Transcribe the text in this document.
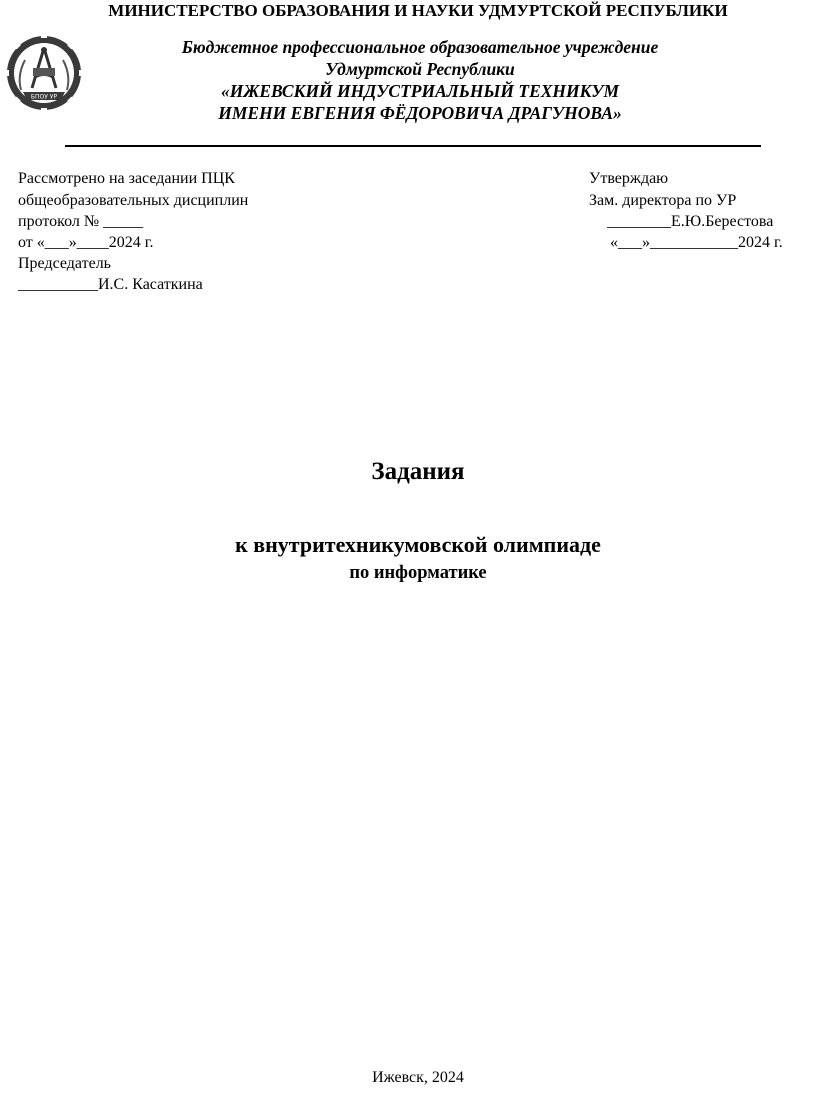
МИНИСТЕРСТВО ОБРАЗОВАНИЯ И НАУКИ УДМУРТСКОЙ РЕСПУБЛИКИ
БПОУ УР
Бюджетное профессиональное образовательное учреждение
Удмуртской Республики
«ИЖЕВСКИЙ ИНДУСТРИАЛЬНЫЙ ТЕХНИКУМ
ИМЕНИ ЕВГЕНИЯ ФЁДОРОВИЧА ДРАГУНОВА»
Рассмотрено на заседании ПЦК
общеобразовательных дисциплин
протокол № _____
от «___»____2024 г.
Председатель
__________И.С. Касаткина
Утверждаю
Зам. директора по УР
________Е.Ю.Берестова
«___»___________2024 г.
Задания
к внутритехникумовской олимпиаде
по информатике
Ижевск, 2024
